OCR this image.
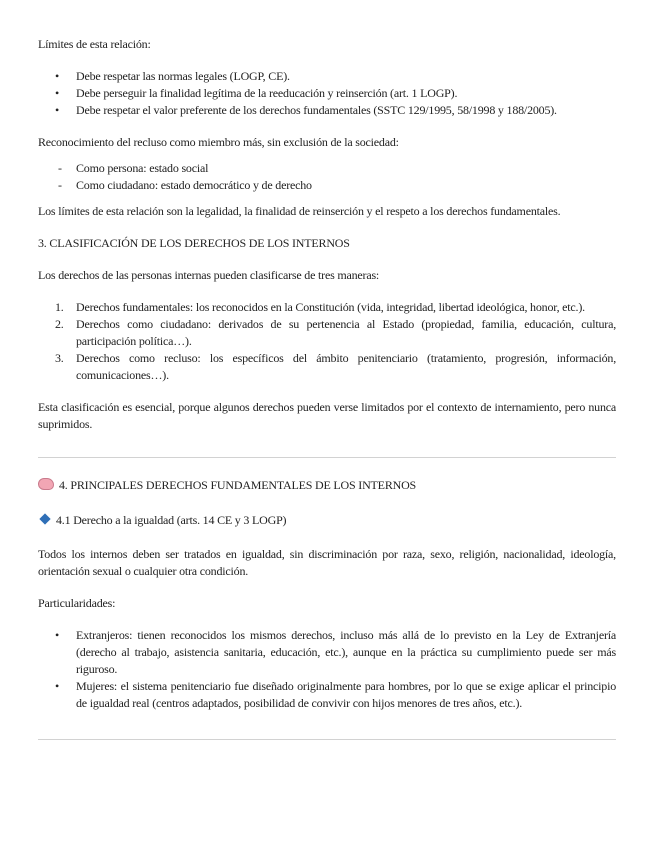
Límites de esta relación:

• Debe respetar las normas legales (LOGP, CE).
• Debe perseguir la finalidad legítima de la reeducación y reinserción (art. 1 LOGP).
• Debe respetar el valor preferente de los derechos fundamentales (SSTC 129/1995, 58/1998 y 188/2005).

Reconocimiento del recluso como miembro más, sin exclusión de la sociedad:

- Como persona: estado social
- Como ciudadano: estado democrático y de derecho

Los límites de esta relación son la legalidad, la finalidad de reinserción y el respeto a los derechos fundamentales.

3. CLASIFICACIÓN DE LOS DERECHOS DE LOS INTERNOS

Los derechos de las personas internas pueden clasificarse de tres maneras:

1. Derechos fundamentales: los reconocidos en la Constitución (vida, integridad, libertad ideológica, honor, etc.).
2. Derechos como ciudadano: derivados de su pertenencia al Estado (propiedad, familia, educación, cultura, participación política…).
3. Derechos como recluso: los específicos del ámbito penitenciario (tratamiento, progresión, información, comunicaciones…).

Esta clasificación es esencial, porque algunos derechos pueden verse limitados por el contexto de internamiento, pero nunca suprimidos.

4. PRINCIPALES DERECHOS FUNDAMENTALES DE LOS INTERNOS

4.1 Derecho a la igualdad (arts. 14 CE y 3 LOGP)

Todos los internos deben ser tratados en igualdad, sin discriminación por raza, sexo, religión, nacionalidad, ideología, orientación sexual o cualquier otra condición.

Particularidades:

• Extranjeros: tienen reconocidos los mismos derechos, incluso más allá de lo previsto en la Ley de Extranjería (derecho al trabajo, asistencia sanitaria, educación, etc.), aunque en la práctica su cumplimiento puede ser más riguroso.
• Mujeres: el sistema penitenciario fue diseñado originalmente para hombres, por lo que se exige aplicar el principio de igualdad real (centros adaptados, posibilidad de convivir con hijos menores de tres años, etc.).
